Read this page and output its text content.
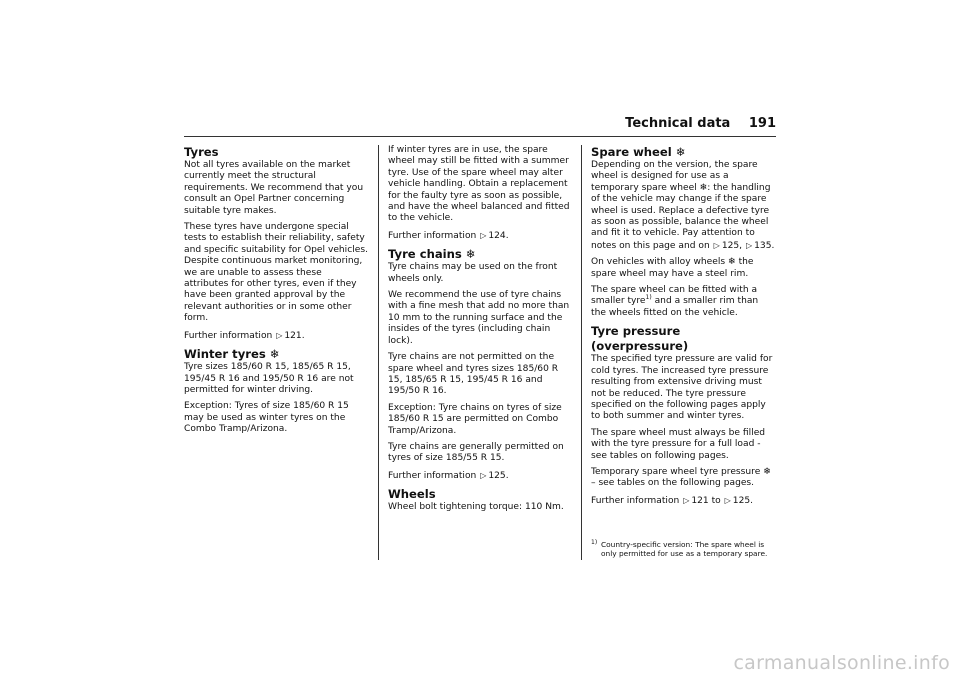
Technical data 191
Tyres

Not all tyres available on the market currently meet the structural requirements. We recommend that you consult an Opel Partner concerning suitable tyre makes.

These tyres have undergone special tests to establish their reliability, safety and specific suitability for Opel vehicles. Despite continuous market monitoring, we are unable to assess these attributes for other tyres, even if they have been granted approval by the relevant authorities or in some other form.

Further information ▷ 121.

Winter tyres ❄

Tyre sizes 185/60 R 15, 185/65 R 15, 195/45 R 16 and 195/50 R 16 are not permitted for winter driving.

Exception: Tyres of size 185/60 R 15 may be used as winter tyres on the Combo Tramp/Arizona.

If winter tyres are in use, the spare wheel may still be fitted with a summer tyre. Use of the spare wheel may alter vehicle handling. Obtain a replacement for the faulty tyre as soon as possible, and have the wheel balanced and fitted to the vehicle.

Further information ▷ 124.

Tyre chains ❄

Tyre chains may be used on the front wheels only.

We recommend the use of tyre chains with a fine mesh that add no more than 10 mm to the running surface and the insides of the tyres (including chain lock).

Tyre chains are not permitted on the spare wheel and tyres sizes 185/60 R 15, 185/65 R 15, 195/45 R 16 and 195/50 R 16.

Exception: Tyre chains on tyres of size 185/60 R 15 are permitted on Combo Tramp/Arizona.

Tyre chains are generally permitted on tyres of size 185/55 R 15.

Further information ▷ 125.

Wheels

Wheel bolt tightening torque: 110 Nm.

Spare wheel ❄

Depending on the version, the spare wheel is designed for use as a temporary spare wheel ❄: the handling of the vehicle may change if the spare wheel is used. Replace a defective tyre as soon as possible, balance the wheel and fit it to vehicle. Pay attention to notes on this page and on ▷ 125, ▷ 135.

On vehicles with alloy wheels ❄ the spare wheel may have a steel rim.

The spare wheel can be fitted with a smaller tyre$^{1)}$ and a smaller rim than the wheels fitted on the vehicle.

Tyre pressure (overpressure)

The specified tyre pressure are valid for cold tyres. The increased tyre pressure resulting from extensive driving must not be reduced. The tyre pressure specified on the following pages apply to both summer and winter tyres.

The spare wheel must always be filled with the tyre pressure for a full load - see tables on following pages.

Temporary spare wheel tyre pressure ❄ – see tables on the following pages.

Further information ▷ 121 to ▷ 125.

1) Country-specific version: The spare wheel is only permitted for use as a temporary spare.
carmanualsonline.info
